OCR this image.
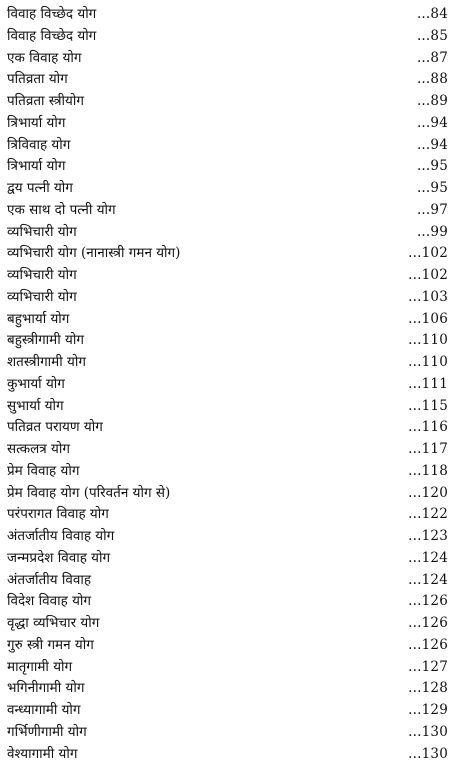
विवाह विच्छेद योग	...84
विवाह विच्छेद योग	...85
एक विवाह योग	...87
पतिव्रता योग	...88
पतिव्रता स्त्रीयोग	...89
त्रिभार्या योग	...94
त्रिविवाह योग	...94
त्रिभार्या योग	...95
द्वय पत्नी योग	...95
एक साथ दो पत्नी योग	...97
व्यभिचारी योग	...99
व्यभिचारी योग (नानास्त्री गमन योग)	...102
व्यभिचारी योग	...102
व्यभिचारी योग	...103
बहुभार्या योग	...106
बहुस्त्रीगामी योग	...110
शतस्त्रीगामी योग	...110
कुभार्या योग	...111
सुभार्या योग	...115
पतिव्रत परायण योग	...116
सत्कलत्र योग	...117
प्रेम विवाह योग	...118
प्रेम विवाह योग (परिवर्तन योग से)	...120
परंपरागत विवाह योग	...122
अंतर्जातीय विवाह योग	...123
जन्मप्रदेश विवाह योग	...124
अंतर्जातीय विवाह	...124
विदेश विवाह योग	...126
वृद्धा व्यभिचार योग	...126
गुरु स्त्री गमन योग	...126
मातृगामी योग	...127
भगिनीगामी योग	...128
वन्ध्यागामी योग	...129
गर्भिणीगामी योग	...130
वेश्यागामी योग	...130
